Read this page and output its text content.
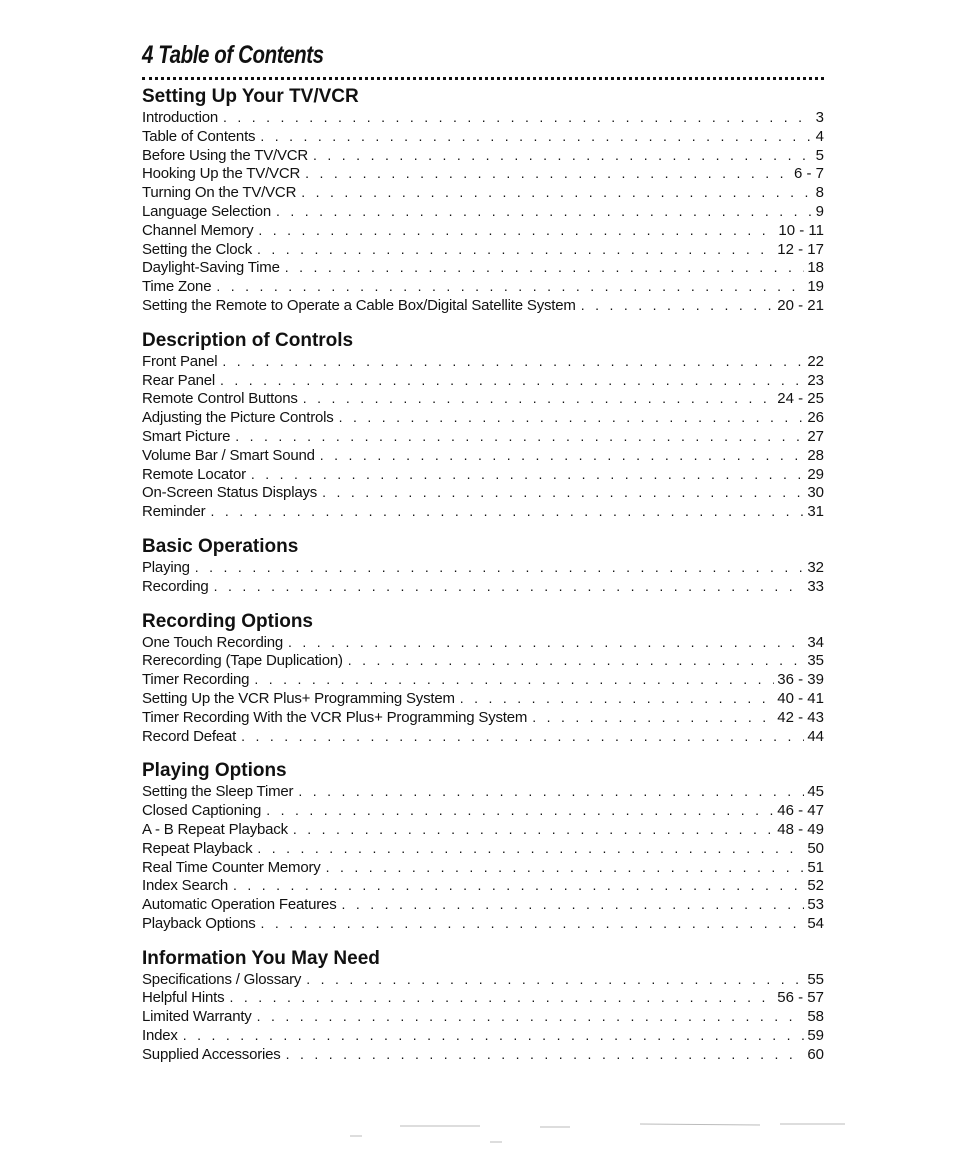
4 Table of Contents
Setting Up Your TV/VCR
Introduction . . .	3
Table of Contents . . .	4
Before Using the TV/VCR . . .	5
Hooking Up the TV/VCR . . .	6 - 7
Turning On the TV/VCR . . .	8
Language Selection . . .	9
Channel Memory . . .	10 - 11
Setting the Clock . . .	12 - 17
Daylight-Saving Time . . .	18
Time Zone . . .	19
Setting the Remote to Operate a Cable Box/Digital Satellite System . . .	20 - 21
Description of Controls
Front Panel . . .	22
Rear Panel . . .	23
Remote Control Buttons . . .	24 - 25
Adjusting the Picture Controls . . .	26
Smart Picture . . .	27
Volume Bar / Smart Sound . . .	28
Remote Locator . . .	29
On-Screen Status Displays . . .	30
Reminder . . .	31
Basic Operations
Playing . . .	32
Recording . . .	33
Recording Options
One Touch Recording . . .	34
Rerecording (Tape Duplication) . . .	35
Timer Recording . . .	36 - 39
Setting Up the VCR Plus+ Programming System . . .	40 - 41
Timer Recording With the VCR Plus+ Programming System . . .	42 - 43
Record Defeat . . .	44
Playing Options
Setting the Sleep Timer . . .	45
Closed Captioning . . .	46 - 47
A - B Repeat Playback . . .	48 - 49
Repeat Playback . . .	50
Real Time Counter Memory . . .	51
Index Search . . .	52
Automatic Operation Features . . .	53
Playback Options . . .	54
Information You May Need
Specifications / Glossary . . .	55
Helpful Hints . . .	56 - 57
Limited Warranty . . .	58
Index . . .	59
Supplied Accessories . . .	60
